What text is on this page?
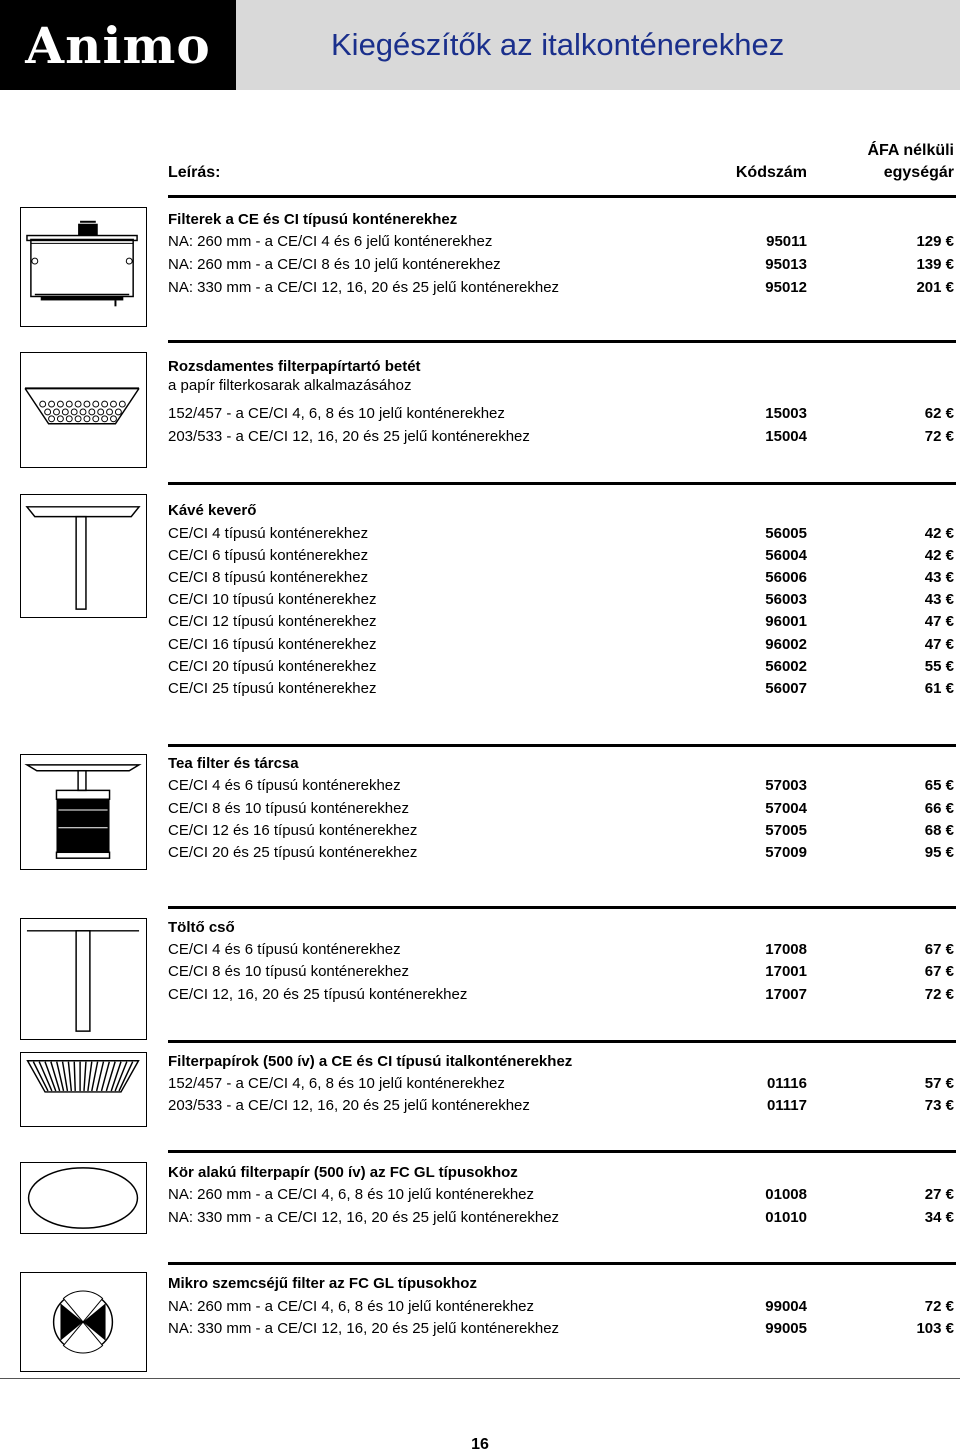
Animo	Kiegészítők az italkonténerekhez
Leírás:	Kódszám
ÁFA nélküli
egységár
Filterek a CE és CI típusú konténerekhez
NA: 260 mm - a CE/CI 4 és 6 jelű konténerekhez	95011	129 €
NA: 260 mm - a CE/CI 8 és 10 jelű konténerekhez	95013	139 €
NA: 330 mm - a CE/CI 12, 16, 20 és 25 jelű konténerekhez	95012	201 €
Rozsdamentes filterpapírtartó betét
a papír filterkosarak alkalmazásához
152/457 - a CE/CI 4, 6, 8 és 10 jelű konténerekhez	15003	62 €
203/533 - a CE/CI 12, 16, 20 és 25 jelű konténerekhez	15004	72 €
Kávé keverő
CE/CI 4 típusú konténerekhez	56005	42 €
CE/CI 6 típusú konténerekhez	56004	42 €
CE/CI 8 típusú konténerekhez	56006	43 €
CE/CI 10 típusú konténerekhez	56003	43 €
CE/CI 12 típusú konténerekhez	96001	47 €
CE/CI 16 típusú konténerekhez	96002	47 €
CE/CI 20 típusú konténerekhez	56002	55 €
CE/CI 25 típusú konténerekhez	56007	61 €
Tea filter és tárcsa
CE/CI 4 és 6 típusú konténerekhez	57003	65 €
CE/CI 8 és 10 típusú konténerekhez	57004	66 €
CE/CI 12 és 16 típusú konténerekhez	57005	68 €
CE/CI 20 és 25 típusú konténerekhez	57009	95 €
Töltő cső
CE/CI 4 és 6 típusú konténerekhez	17008	67 €
CE/CI 8 és 10 típusú konténerekhez	17001	67 €
CE/CI 12, 16, 20 és 25 típusú konténerekhez	17007	72 €
Filterpapírok (500 ív) a CE és CI típusú italkonténerekhez
152/457 - a CE/CI 4, 6, 8 és 10 jelű konténerekhez	01116	57 €
203/533 - a CE/CI 12, 16, 20 és 25 jelű konténerekhez	01117	73 €
Kör alakú filterpapír (500 ív) az FC GL típusokhoz
NA: 260 mm - a CE/CI 4, 6, 8 és 10 jelű konténerekhez	01008	27 €
NA: 330 mm - a CE/CI 12, 16, 20 és 25 jelű konténerekhez	01010	34 €
Mikro szemcséjű filter az FC GL típusokhoz
NA: 260 mm - a CE/CI 4, 6, 8 és 10 jelű konténerekhez	99004	72 €
NA: 330 mm - a CE/CI 12, 16, 20 és 25 jelű konténerekhez	99005	103 €
16
